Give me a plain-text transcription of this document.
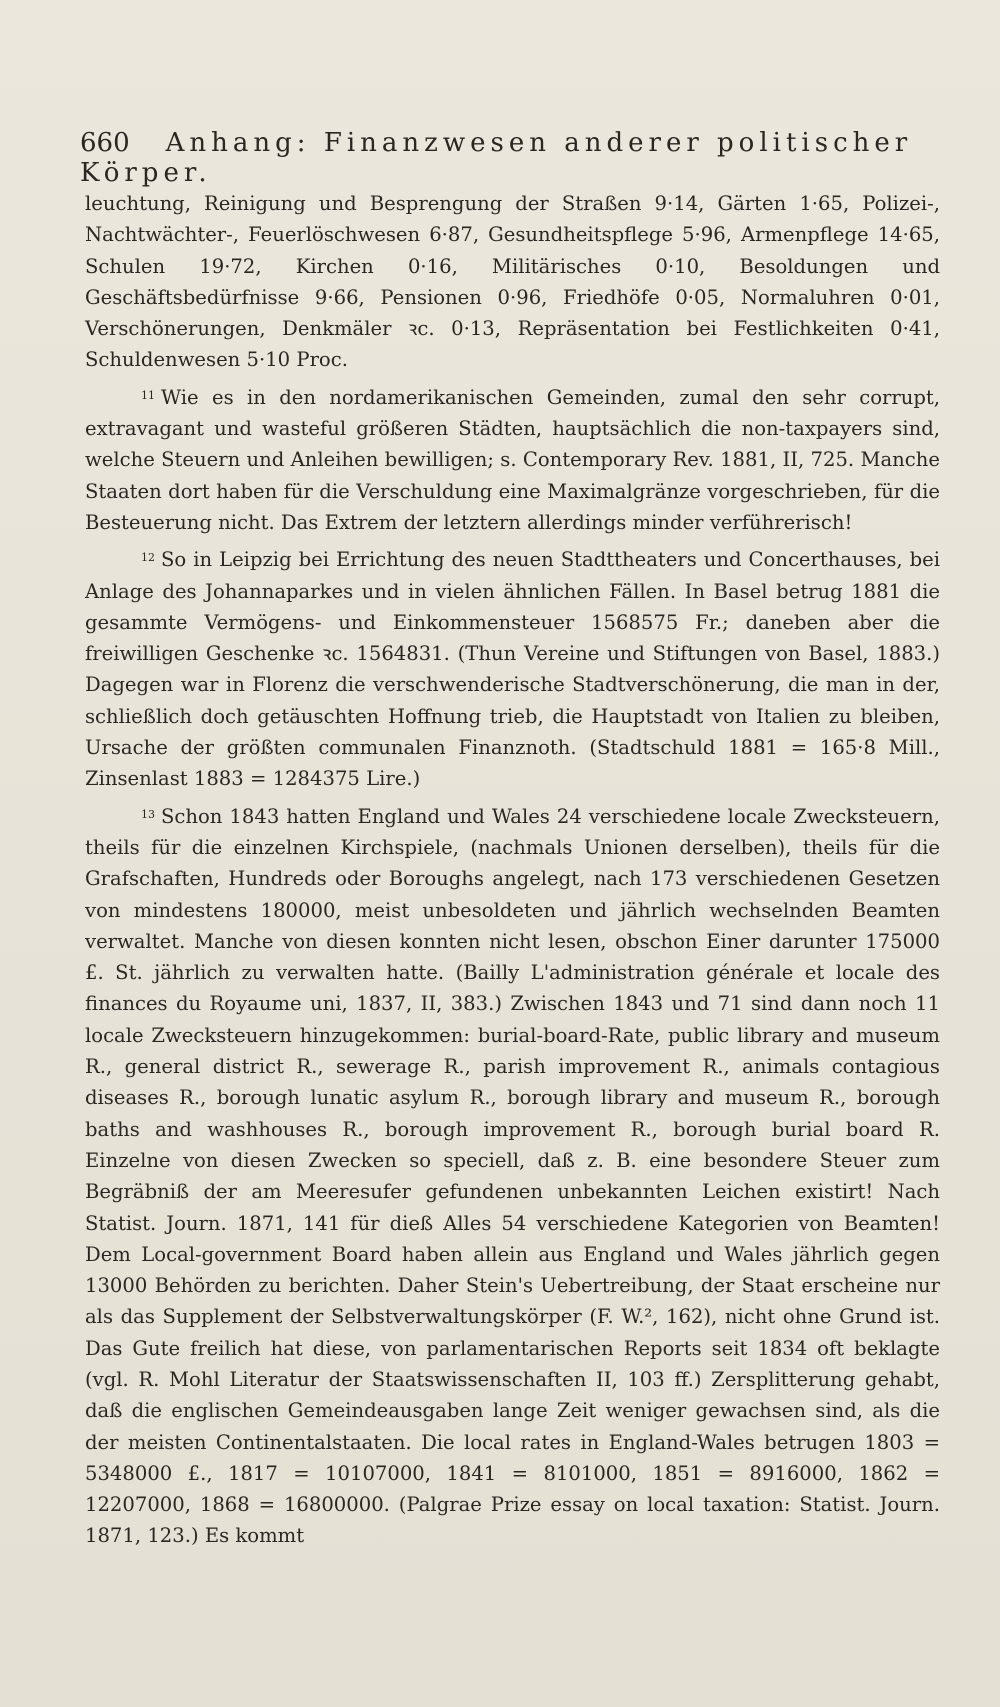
660 Anhang: Finanzwesen anderer politischer Körper.

leuchtung, Reinigung und Besprengung der Straßen 9·14, Gärten 1·65, Polizei-, Nachtwächter-, Feuerlöschwesen 6·87, Gesundheitspflege 5·96, Armenpflege 14·65, Schulen 19·72, Kirchen 0·16, Militärisches 0·10, Besoldungen und Geschäftsbedürfnisse 9·66, Pensionen 0·96, Friedhöfe 0·05, Normaluhren 0·01, Verschönerungen, Denkmäler ꝛc. 0·13, Repräsentation bei Festlichkeiten 0·41, Schuldenwesen 5·10 Proc.

$^{11}$ Wie es in den nordamerikanischen Gemeinden, zumal den sehr corrupt, extravagant und wasteful größeren Städten, hauptsächlich die non-taxpayers sind, welche Steuern und Anleihen bewilligen; s. Contemporary Rev. 1881, II, 725. Manche Staaten dort haben für die Verschuldung eine Maximalgränze vorgeschrieben, für die Besteuerung nicht. Das Extrem der letztern allerdings minder verführerisch!

$^{12}$ So in Leipzig bei Errichtung des neuen Stadttheaters und Concerthauses, bei Anlage des Johannaparkes und in vielen ähnlichen Fällen. In Basel betrug 1881 die gesammte Vermögens- und Einkommensteuer 1568575 Fr.; daneben aber die freiwilligen Geschenke ꝛc. 1564831. (Thun Vereine und Stiftungen von Basel, 1883.) Dagegen war in Florenz die verschwenderische Stadtverschönerung, die man in der, schließlich doch getäuschten Hoffnung trieb, die Hauptstadt von Italien zu bleiben, Ursache der größten communalen Finanznoth. (Stadtschuld 1881 = 165·8 Mill., Zinsenlast 1883 = 1284375 Lire.)

$^{13}$ Schon 1843 hatten England und Wales 24 verschiedene locale Zwecksteuern, theils für die einzelnen Kirchspiele, (nachmals Unionen derselben), theils für die Grafschaften, Hundreds oder Boroughs angelegt, nach 173 verschiedenen Gesetzen von mindestens 180000, meist unbesoldeten und jährlich wechselnden Beamten verwaltet. Manche von diesen konnten nicht lesen, obschon Einer darunter 175000 £. St. jährlich zu verwalten hatte. (Bailly L'administration générale et locale des finances du Royaume uni, 1837, II, 383.) Zwischen 1843 und 71 sind dann noch 11 locale Zwecksteuern hinzugekommen: burial-board-Rate, public library and museum R., general district R., sewerage R., parish improvement R., animals contagious diseases R., borough lunatic asylum R., borough library and museum R., borough baths and washhouses R., borough improvement R., borough burial board R. Einzelne von diesen Zwecken so speciell, daß z. B. eine besondere Steuer zum Begräbniß der am Meeresufer gefundenen unbekannten Leichen existirt! Nach Statist. Journ. 1871, 141 für dieß Alles 54 verschiedene Kategorien von Beamten! Dem Local-government Board haben allein aus England und Wales jährlich gegen 13000 Behörden zu berichten. Daher Stein's Uebertreibung, der Staat erscheine nur als das Supplement der Selbstverwaltungskörper (F. W.², 162), nicht ohne Grund ist. Das Gute freilich hat diese, von parlamentarischen Reports seit 1834 oft beklagte (vgl. R. Mohl Literatur der Staatswissenschaften II, 103 ff.) Zersplitterung gehabt, daß die englischen Gemeindeausgaben lange Zeit weniger gewachsen sind, als die der meisten Continentalstaaten. Die local rates in England-Wales betrugen 1803 = 5348000 £., 1817 = 10107000, 1841 = 8101000, 1851 = 8916000, 1862 = 12207000, 1868 = 16800000. (Palgrae Prize essay on local taxation: Statist. Journ. 1871, 123.) Es kommt
